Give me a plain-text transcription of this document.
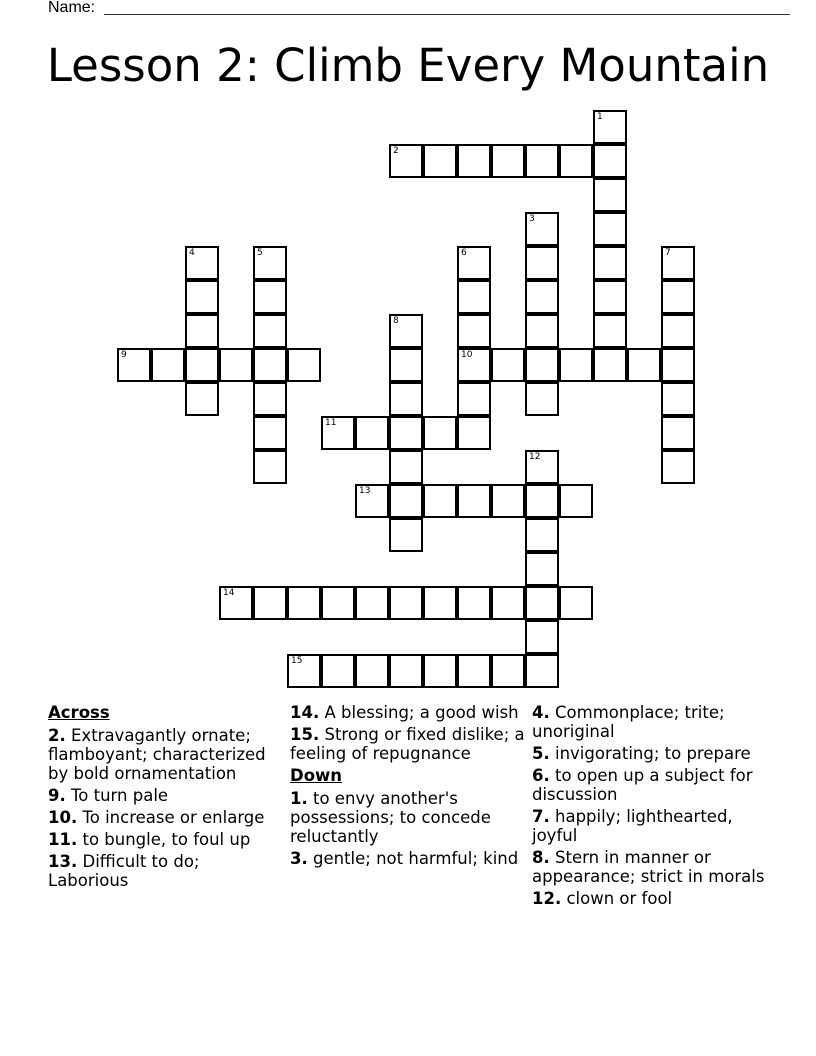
Name:
Lesson 2: Climb Every Mountain
1
2
3
4	5	6
10
7
8
9
11
12
13
14
15
Across
2. Extravagantly ornate; flamboyant; characterized by bold ornamentation
9. To turn pale
10. To increase or enlarge
11. to bungle, to foul up
13. Difficult to do; Laborious
14. A blessing; a good wish
15. Strong or fixed dislike; a feeling of repugnance
Down
1. to envy another's possessions; to concede reluctantly
3. gentle; not harmful; kind
4. Commonplace; trite; unoriginal
5. invigorating; to prepare
6. to open up a subject for discussion
7. happily; lighthearted, joyful
8. Stern in manner or appearance; strict in morals
12. clown or fool
